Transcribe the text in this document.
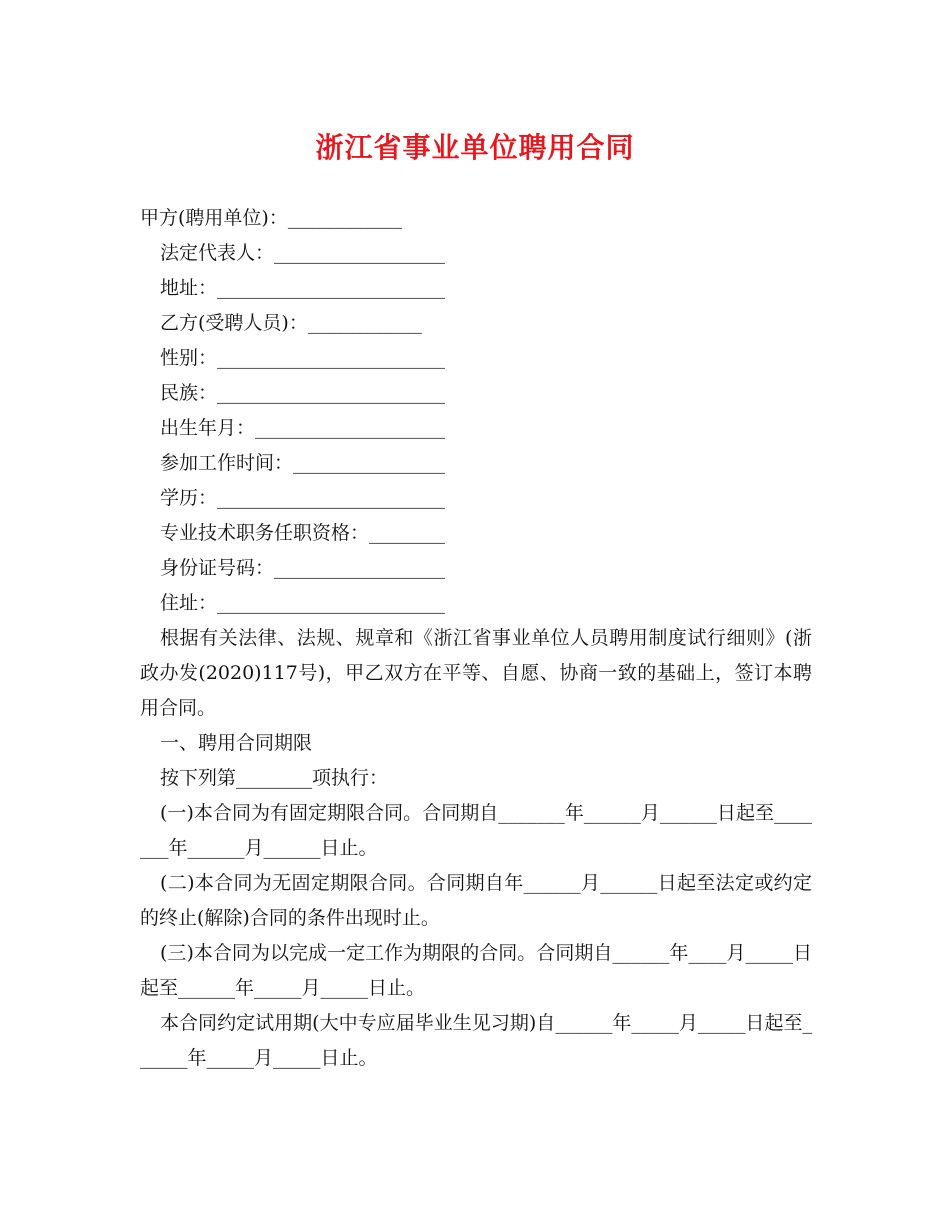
浙江省事业单位聘用合同
甲方(聘用单位)：____________
法定代表人：__________________
地址：________________________
乙方(受聘人员)：____________
性别：________________________
民族：________________________
出生年月：____________________
参加工作时间：________________
学历：________________________
专业技术职务任职资格：________
身份证号码：__________________
住址：________________________
根据有关法律、法规、规章和《浙江省事业单位人员聘用制度试行细则》(浙政办发(2020)117号)，甲乙双方在平等、自愿、协商一致的基础上，签订本聘用合同。
一、聘用合同期限
按下列第________项执行：
(一)本合同为有固定期限合同。合同期自_______年______月______日起至_______年______月______日止。
(二)本合同为无固定期限合同。合同期自年______月______日起至法定或约定的终止(解除)合同的条件出现时止。
(三)本合同为以完成一定工作为期限的合同。合同期自______年____月_____日起至______年_____月_____日止。
本合同约定试用期(大中专应届毕业生见习期)自______年_____月_____日起至______年_____月_____日止。
